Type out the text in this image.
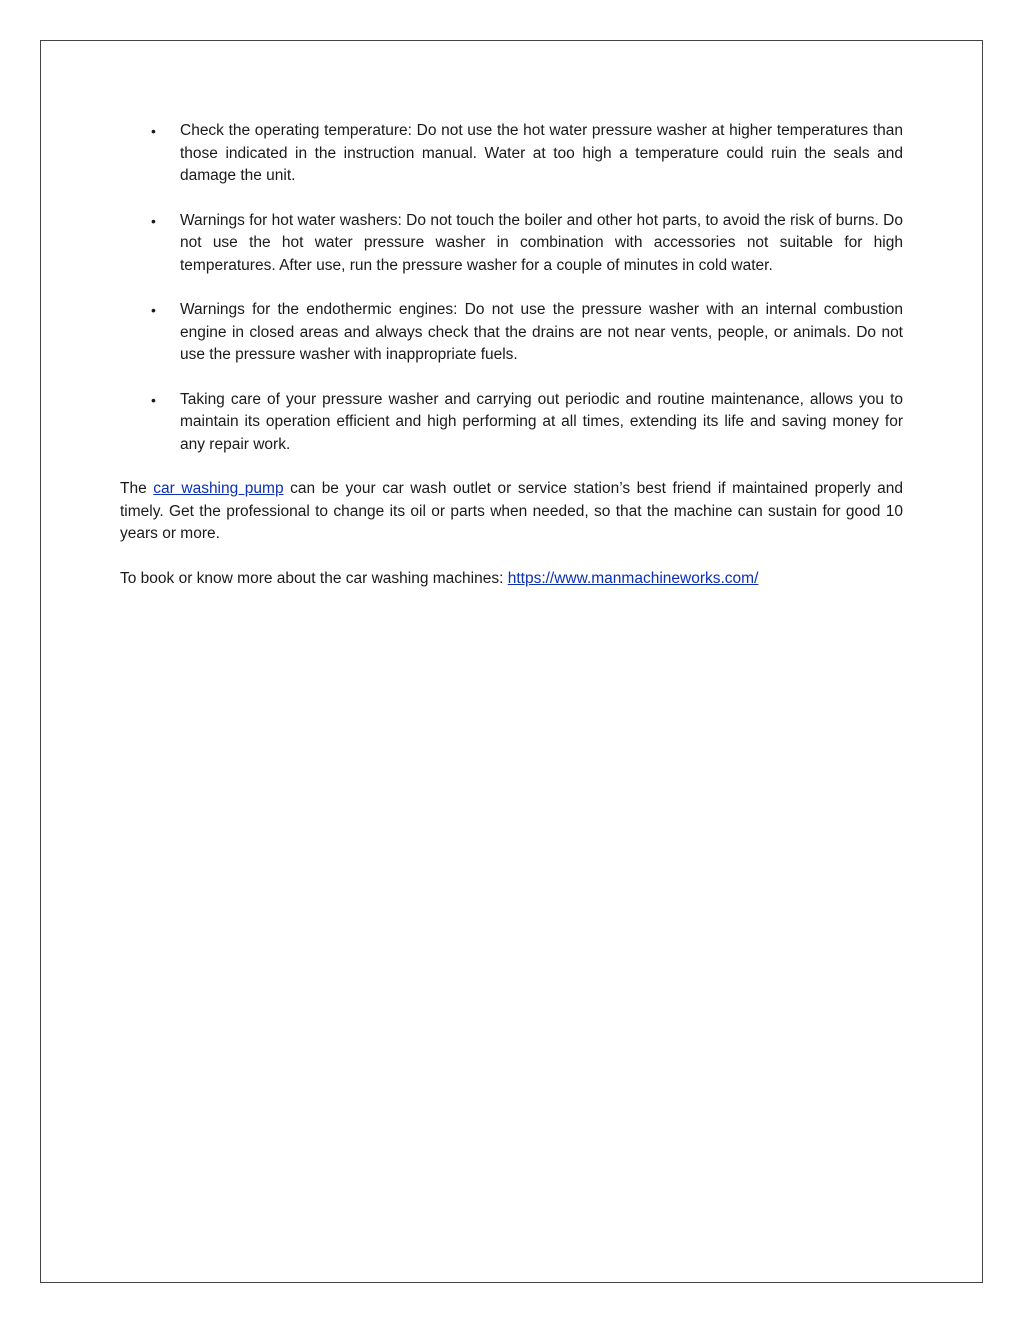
• Check the operating temperature: Do not use the hot water pressure washer at higher temperatures than those indicated in the instruction manual. Water at too high a temperature could ruin the seals and damage the unit.
• Warnings for hot water washers: Do not touch the boiler and other hot parts, to avoid the risk of burns. Do not use the hot water pressure washer in combination with accessories not suitable for high temperatures. After use, run the pressure washer for a couple of minutes in cold water.
• Warnings for the endothermic engines: Do not use the pressure washer with an internal combustion engine in closed areas and always check that the drains are not near vents, people, or animals. Do not use the pressure washer with inappropriate fuels.
• Taking care of your pressure washer and carrying out periodic and routine maintenance, allows you to maintain its operation efficient and high performing at all times, extending its life and saving money for any repair work.

The car washing pump can be your car wash outlet or service station’s best friend if maintained properly and timely. Get the professional to change its oil or parts when needed, so that the machine can sustain for good 10 years or more.

To book or know more about the car washing machines: https://www.manmachineworks.com/
